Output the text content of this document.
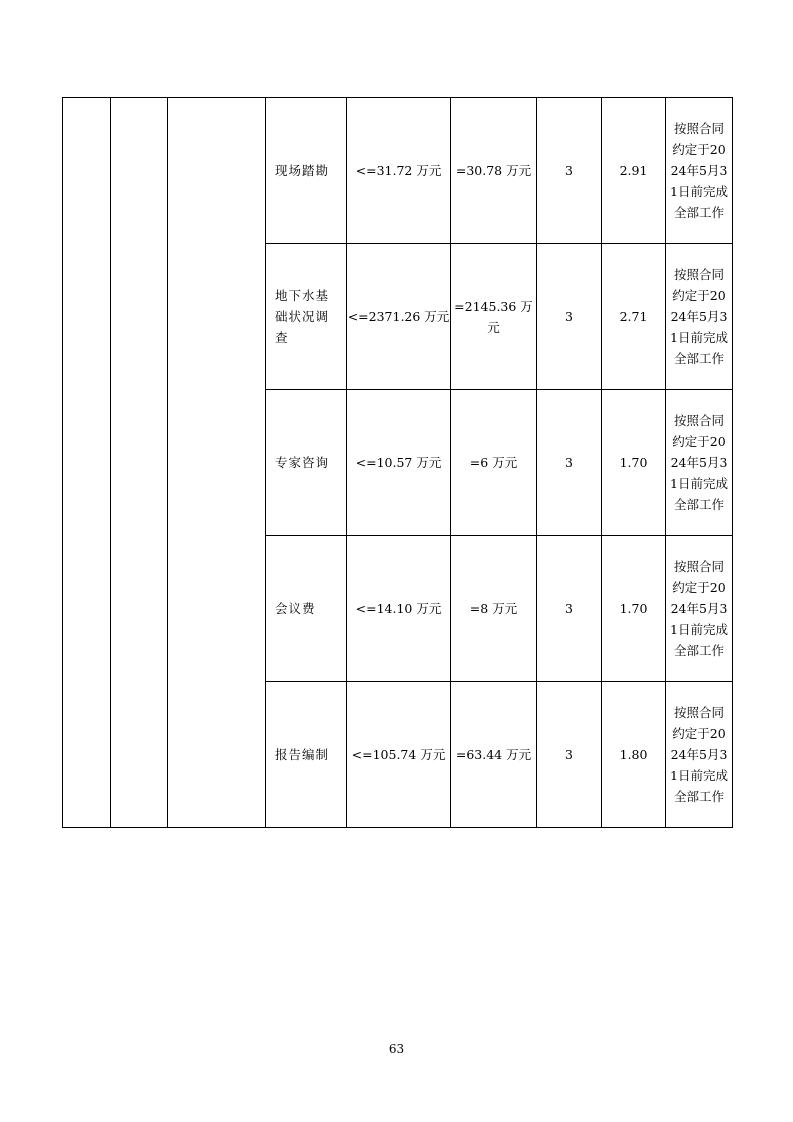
			现场踏勘	<=31.72 万元	=30.78 万元	3	2.91	按照合同约定于2024年5月31日前完成全部工作

			地下水基础状况调查	<=2371.26 万元	=2145.36 万元	3	2.71	按照合同约定于2024年5月31日前完成全部工作

			专家咨询	<=10.57 万元	=6 万元	3	1.70	按照合同约定于2024年5月31日前完成全部工作

			会议费	<=14.10 万元	=8 万元	3	1.70	按照合同约定于2024年5月31日前完成全部工作

			报告编制	<=105.74 万元	=63.44 万元	3	1.80	按照合同约定于2024年5月31日前完成全部工作
63
